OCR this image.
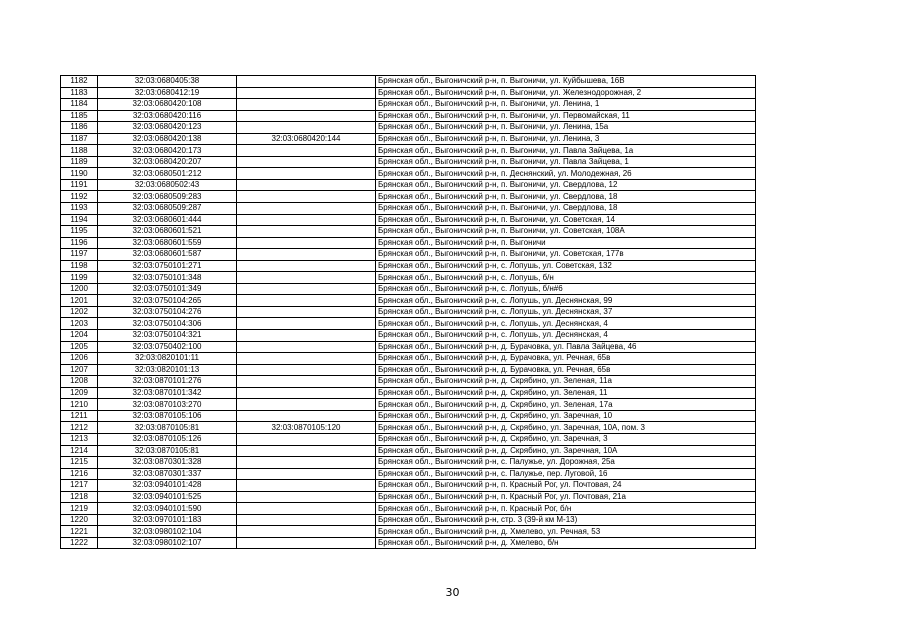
1182	32:03:0680405:38		Брянская обл., Выгоничский р-н, п. Выгоничи, ул. Куйбышева, 16В
1183	32:03:0680412:19		Брянская обл., Выгоничский р-н, п. Выгоничи, ул. Железнодорожная, 2
1184	32:03:0680420:108		Брянская обл., Выгоничский р-н, п. Выгоничи, ул. Ленина, 1
1185	32:03:0680420:116		Брянская обл., Выгоничский р-н, п. Выгоничи, ул. Первомайская, 11
1186	32:03:0680420:123		Брянская обл., Выгоничский р-н, п. Выгоничи, ул. Ленина, 15а
1187	32:03:0680420:138	32:03:0680420:144	Брянская обл., Выгоничский р-н, п. Выгоничи, ул. Ленина, 3
1188	32:03:0680420:173		Брянская обл., Выгоничский р-н, п. Выгоничи, ул. Павла Зайцева, 1а
1189	32:03:0680420:207		Брянская обл., Выгоничский р-н, п. Выгоничи, ул. Павла Зайцева, 1
1190	32:03:0680501:212		Брянская обл., Выгоничский р-н, п. Деснянский, ул. Молодежная, 26
1191	32:03:0680502:43		Брянская обл., Выгоничский р-н, п. Выгоничи, ул. Свердлова, 12
1192	32:03:0680509:283		Брянская обл., Выгоничский р-н, п. Выгоничи, ул. Свердлова, 18
1193	32:03:0680509:287		Брянская обл., Выгоничский р-н, п. Выгоничи, ул. Свердлова, 18
1194	32:03:0680601:444		Брянская обл., Выгоничский р-н, п. Выгоничи, ул. Советская, 14
1195	32:03:0680601:521		Брянская обл., Выгоничский р-н, п. Выгоничи, ул. Советская, 108А
1196	32:03:0680601:559		Брянская обл., Выгоничский р-н, п. Выгоничи
1197	32:03:0680601:587		Брянская обл., Выгоничский р-н, п. Выгоничи, ул. Советская, 177в
1198	32:03:0750101:271		Брянская обл., Выгоничский р-н, с. Лопушь, ул. Советская, 132
1199	32:03:0750101:348		Брянская обл., Выгоничский р-н, с. Лопушь, б/н
1200	32:03:0750101:349		Брянская обл., Выгоничский р-н, с. Лопушь, б/н#6
1201	32:03:0750104:265		Брянская обл., Выгоничский р-н, с. Лопушь, ул. Деснянская, 99
1202	32:03:0750104:276		Брянская обл., Выгоничский р-н, с. Лопушь, ул. Деснянская, 37
1203	32:03:0750104:306		Брянская обл., Выгоничский р-н, с. Лопушь, ул. Деснянская, 4
1204	32:03:0750104:321		Брянская обл., Выгоничский р-н, с. Лопушь, ул. Деснянская, 4
1205	32:03:0750402:100		Брянская обл., Выгоничский р-н, д. Бурачовка, ул. Павла Зайцева, 46
1206	32:03:0820101:11		Брянская обл., Выгоничский р-н, д. Бурачовка, ул. Речная, 65в
1207	32:03:0820101:13		Брянская обл., Выгоничский р-н, д. Бурачовка, ул. Речная, 65в
1208	32:03:0870101:276		Брянская обл., Выгоничский р-н, д. Скрябино, ул. Зеленая, 11а
1209	32:03:0870101:342		Брянская обл., Выгоничский р-н, д. Скрябино, ул. Зеленая, 11
1210	32:03:0870103:270		Брянская обл., Выгоничский р-н, д. Скрябино, ул. Зеленая, 17а
1211	32:03:0870105:106		Брянская обл., Выгоничский р-н, д. Скрябино, ул. Заречная, 10
1212	32:03:0870105:81	32:03:0870105:120	Брянская обл., Выгоничский р-н, д. Скрябино, ул. Заречная, 10А, пом. 3
1213	32:03:0870105:126		Брянская обл., Выгоничский р-н, д. Скрябино, ул. Заречная, 3
1214	32:03:0870105:81		Брянская обл., Выгоничский р-н, д. Скрябино, ул. Заречная, 10А
1215	32:03:0870301:328		Брянская обл., Выгоничский р-н, с. Палужье, ул. Дорожная, 25а
1216	32:03:0870301:337		Брянская обл., Выгоничский р-н, с. Палужье, пер. Луговой, 16
1217	32:03:0940101:428		Брянская обл., Выгоничский р-н, п. Красный Рог, ул. Почтовая, 24
1218	32:03:0940101:525		Брянская обл., Выгоничский р-н, п. Красный Рог, ул. Почтовая, 21а
1219	32:03:0940101:590		Брянская обл., Выгоничский р-н, п. Красный Рог, б/н
1220	32:03:0970101:183		Брянская обл., Выгоничский р-н, стр. 3 (39-й км М-13)
1221	32:03:0980102:104		Брянская обл., Выгоничский р-н, д. Хмелево, ул. Речная, 53
1222	32:03:0980102:107		Брянская обл., Выгоничский р-н, д. Хмелево, б/н
30
